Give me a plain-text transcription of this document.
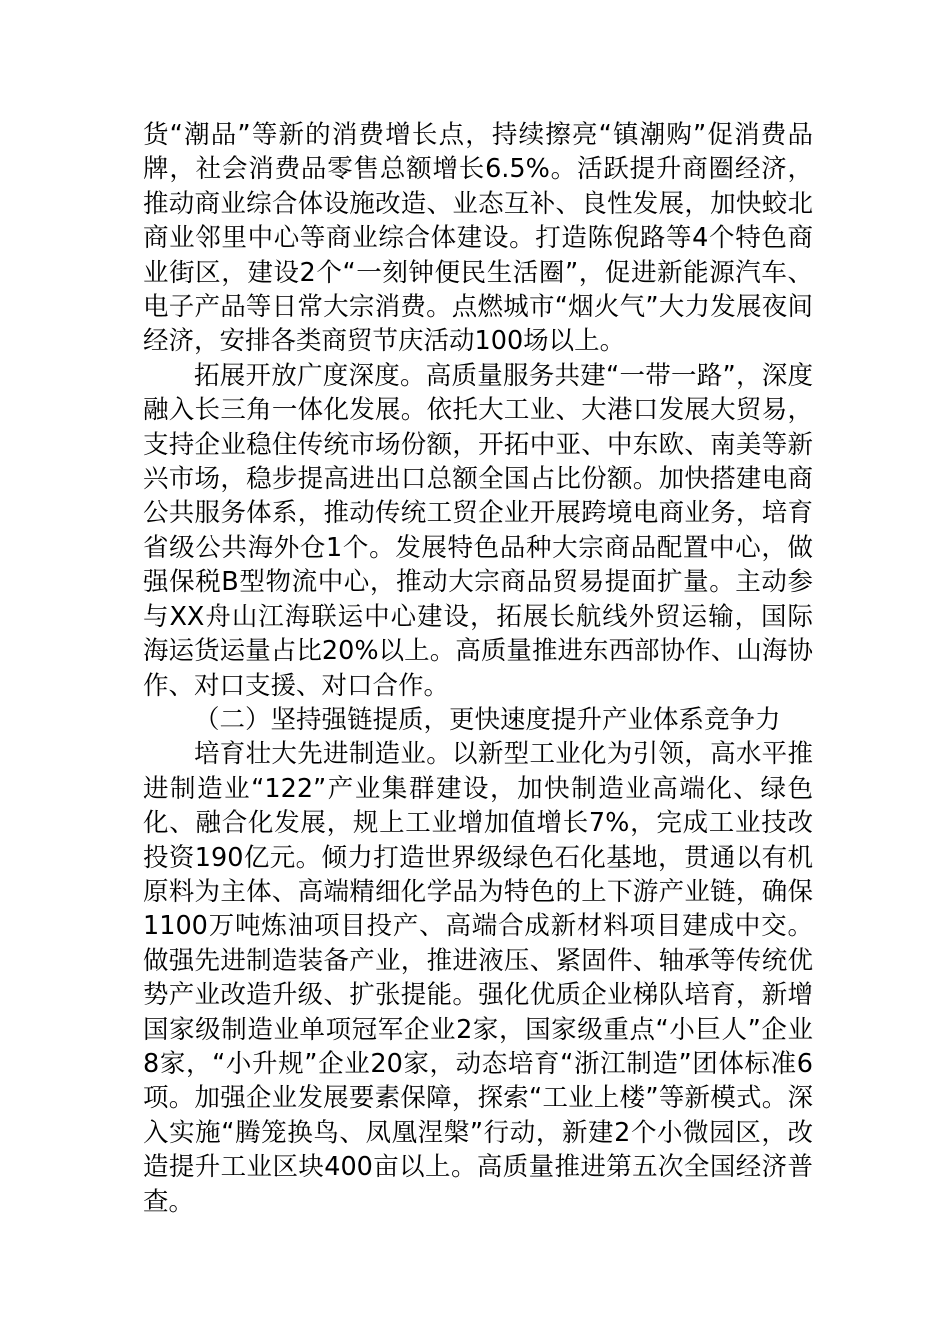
货“潮品”等新的消费增长点，持续擦亮“镇潮购”促消费品牌，社会消费品零售总额增长6.5%。活跃提升商圈经济，推动商业综合体设施改造、业态互补、良性发展，加快蛟北商业邻里中心等商业综合体建设。打造陈倪路等4个特色商业街区，建设2个“一刻钟便民生活圈”，促进新能源汽车、电子产品等日常大宗消费。点燃城市“烟火气”大力发展夜间经济，安排各类商贸节庆活动100场以上。

拓展开放广度深度。高质量服务共建“一带一路”，深度融入长三角一体化发展。依托大工业、大港口发展大贸易，支持企业稳住传统市场份额，开拓中亚、中东欧、南美等新兴市场，稳步提高进出口总额全国占比份额。加快搭建电商公共服务体系，推动传统工贸企业开展跨境电商业务，培育省级公共海外仓1个。发展特色品种大宗商品配置中心，做强保税B型物流中心，推动大宗商品贸易提面扩量。主动参与XX舟山江海联运中心建设，拓展长航线外贸运输，国际海运货运量占比20%以上。高质量推进东西部协作、山海协作、对口支援、对口合作。

（二）坚持强链提质，更快速度提升产业体系竞争力

培育壮大先进制造业。以新型工业化为引领，高水平推进制造业“122”产业集群建设，加快制造业高端化、绿色化、融合化发展，规上工业增加值增长7%，完成工业技改投资190亿元。倾力打造世界级绿色石化基地，贯通以有机原料为主体、高端精细化学品为特色的上下游产业链，确保1100万吨炼油项目投产、高端合成新材料项目建成中交。做强先进制造装备产业，推进液压、紧固件、轴承等传统优势产业改造升级、扩张提能。强化优质企业梯队培育，新增国家级制造业单项冠军企业2家，国家级重点“小巨人”企业8家，“小升规”企业20家，动态培育“浙江制造”团体标准6项。加强企业发展要素保障，探索“工业上楼”等新模式。深入实施“腾笼换鸟、凤凰涅槃”行动，新建2个小微园区，改造提升工业区块400亩以上。高质量推进第五次全国经济普查。
